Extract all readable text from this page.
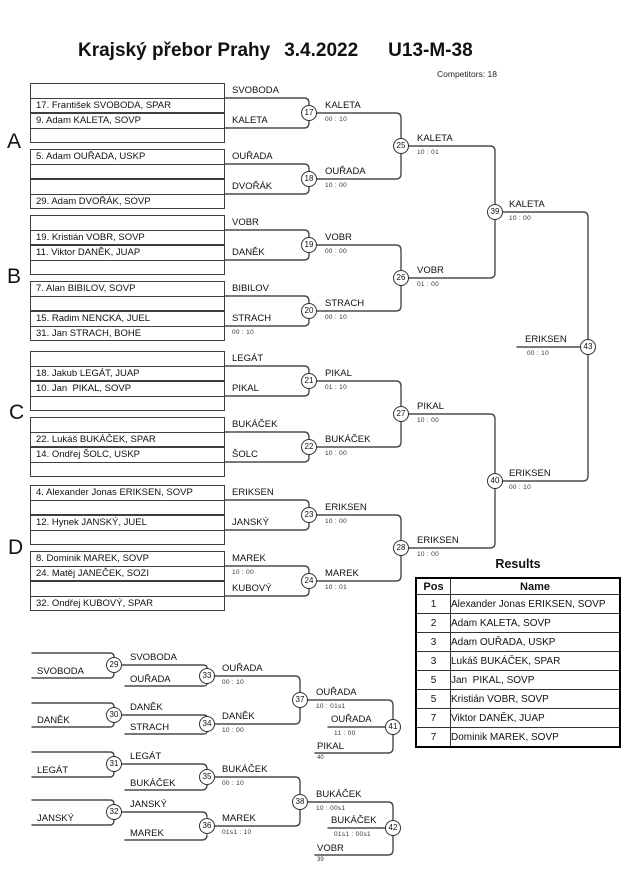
Krajský přebor Prahy 3.4.2022 U13-M-38
Competitors: 18
A
B
C
D
17. František SVOBODA, SPAR
9. Adam KALETA, SOVP
5. Adam OUŘADA, USKP
29. Adam DVOŘÁK, SOVP
19. Kristián VOBR, SOVP
11. Viktor DANĚK, JUAP
7. Alan BIBILOV, SOVP
15. Radim NENCKA, JUEL
31. Jan STRACH, BOHE
18. Jakub LEGÁT, JUAP
10. Jan  PIKAL, SOVP
22. Lukáš BUKÁČEK, SPAR
14. Ondřej ŠOLC, USKP
4. Alexander Jonas ERIKSEN, SOVP
12. Hynek JANSKÝ, JUEL
8. Dominik MAREK, SOVP
24. Matěj JANEČEK, SOZI
32. Ondřej KUBOVÝ, SPAR
SVOBODA
KALETA
OUŘADA
DVOŘÁK
VOBR
DANĚK
BIBILOV
STRACH
00 : 10
LEGÁT
PIKAL
BUKÁČEK
ŠOLC
ERIKSEN
JANSKÝ
MAREK
10 : 00
KUBOVÝ
17
18
19
20
21
22
23
24
KALETA
00 : 10
OUŘADA
10 : 00
VOBR
00 : 00
STRACH
00 : 10
PIKAL
01 : 10
BUKÁČEK
10 : 00
ERIKSEN
10 : 00
MAREK
10 : 01
25
26
27
28
KALETA
10 : 01
VOBR
01 : 00
PIKAL
10 : 00
ERIKSEN
10 : 00
39
40
KALETA
10 : 00
ERIKSEN
00 : 10
43
ERIKSEN
00 : 10
Results
Pos	Name
1	Alexander Jonas ERIKSEN, SOVP
2	Adam KALETA, SOVP
3	Adam OUŘADA, USKP
3	Lukáš BUKÁČEK, SPAR
5	Jan  PIKAL, SOVP
5	Kristián VOBR, SOVP
7	Viktor DANĚK, JUAP
7	Dominik MAREK, SOVP
SVOBODA
DANĚK
LEGÁT
JANSKÝ
29
30
31
32
SVOBODA
DANĚK
LEGÁT
JANSKÝ
OUŘADA
STRACH
BUKÁČEK
MAREK
33
34
35
36
OUŘADA
00 : 10
DANĚK
10 : 00
BUKÁČEK
00 : 10
MAREK
01s1 : 10
37
38
OUŘADA
10 : 01s1
BUKÁČEK
10 : 00s1
PIKAL
40
VOBR
39
41
42
OUŘADA
11 : 00
BUKÁČEK
01s1 : 00s1
